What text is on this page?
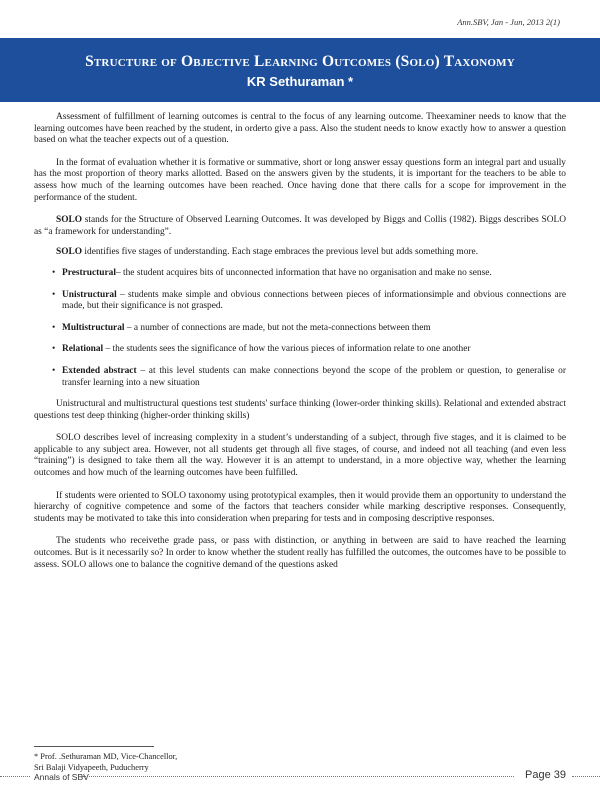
Ann.SBV, Jan - Jun, 2013 2(1)
Structure of Objective Learning Outcomes (Solo) Taxonomy
KR Sethuraman *

Assessment of fulfillment of learning outcomes is central to the focus of any learning outcome. Theexaminer needs to know that the learning outcomes have been reached by the student, in orderto give a pass. Also the student needs to know exactly how to answer a question based on what the teacher expects out of a question.

In the format of evaluation whether it is formative or summative, short or long answer essay questions form an integral part and usually has the most proportion of theory marks allotted. Based on the answers given by the students, it is important for the teachers to be able to assess how much of the learning outcomes have been reached. Once having done that there calls for a scope for improvement in the performance of the student.

SOLO stands for the Structure of Observed Learning Outcomes. It was developed by Biggs and Collis (1982). Biggs describes SOLO as “a framework for understanding”.

SOLO identifies five stages of understanding. Each stage embraces the previous level but adds something more.

• Prestructural– the student acquires bits of unconnected information that have no organisation and make no sense.
• Unistructural – students make simple and obvious connections between pieces of informationsimple and obvious connections are made, but their significance is not grasped.
• Multistructural – a number of connections are made, but not the meta-connections between them
• Relational – the students sees the significance of how the various pieces of information relate to one another
• Extended abstract – at this level students can make connections beyond the scope of the problem or question, to generalise or transfer learning into a new situation

Unistructural and multistructural questions test students' surface thinking (lower-order thinking skills). Relational and extended abstract questions test deep thinking (higher-order thinking skills)

SOLO describes level of increasing complexity in a student’s understanding of a subject, through five stages, and it is claimed to be applicable to any subject area. However, not all students get through all five stages, of course, and indeed not all teaching (and even less “training”) is designed to take them all the way. However it is an attempt to understand, in a more objective way, whether the learning outcomes and how much of the learning outcomes have been fulfilled.

If students were oriented to SOLO taxonomy using prototypical examples, then it would provide them an opportunity to understand the hierarchy of cognitive competence and some of the factors that teachers consider while marking descriptive responses. Consequently, students may be motivated to take this into consideration when preparing for tests and in composing descriptive responses.

The students who receivethe grade pass, or pass with distinction, or anything in between are said to have reached the learning outcomes. But is it necessarily so? In order to know whether the student really has fulfilled the outcomes, the outcomes have to be possible to assess. SOLO allows one to balance the cognitive demand of the questions asked

* Prof. .Sethuraman MD, Vice-Chancellor,
Sri Balaji Vidyapeeth, Puducherry
Annals of SBV	Page 39
